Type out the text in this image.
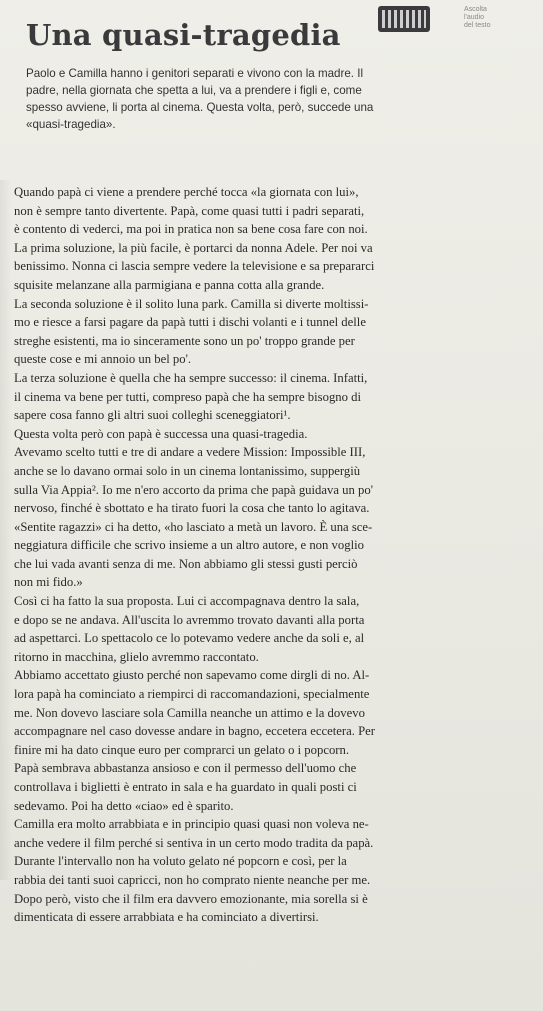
Una quasi-tragedia
Ascolta
l'audio
del testo
Paolo e Camilla hanno i genitori separati e vivono con la madre. Il
padre, nella giornata che spetta a lui, va a prendere i figli e, come
spesso avviene, li porta al cinema. Questa volta, però, succede una
«quasi-tragedia».
Quando papà ci viene a prendere perché tocca «la giornata con lui»,
non è sempre tanto divertente. Papà, come quasi tutti i padri separati,
è contento di vederci, ma poi in pratica non sa bene cosa fare con noi.
La prima soluzione, la più facile, è portarci da nonna Adele. Per noi va
benissimo. Nonna ci lascia sempre vedere la televisione e sa prepararci
squisite melanzane alla parmigiana e panna cotta alla grande.
La seconda soluzione è il solito luna park. Camilla si diverte moltissi-
mo e riesce a farsi pagare da papà tutti i dischi volanti e i tunnel delle
streghe esistenti, ma io sinceramente sono un po' troppo grande per
queste cose e mi annoio un bel po'.
La terza soluzione è quella che ha sempre successo: il cinema. Infatti,
il cinema va bene per tutti, compreso papà che ha sempre bisogno di
sapere cosa fanno gli altri suoi colleghi sceneggiatori¹.
Questa volta però con papà è successa una quasi-tragedia.
Avevamo scelto tutti e tre di andare a vedere Mission: Impossible III,
anche se lo davano ormai solo in un cinema lontanissimo, suppergiù
sulla Via Appia². Io me n'ero accorto da prima che papà guidava un po'
nervoso, finché è sbottato e ha tirato fuori la cosa che tanto lo agitava.
«Sentite ragazzi» ci ha detto, «ho lasciato a metà un lavoro. È una sce-
neggiatura difficile che scrivo insieme a un altro autore, e non voglio
che lui vada avanti senza di me. Non abbiamo gli stessi gusti perciò
non mi fido.»
Così ci ha fatto la sua proposta. Lui ci accompagnava dentro la sala,
e dopo se ne andava. All'uscita lo avremmo trovato davanti alla porta
ad aspettarci. Lo spettacolo ce lo potevamo vedere anche da soli e, al
ritorno in macchina, glielo avremmo raccontato.
Abbiamo accettato giusto perché non sapevamo come dirgli di no. Al-
lora papà ha cominciato a riempirci di raccomandazioni, specialmente
me. Non dovevo lasciare sola Camilla neanche un attimo e la dovevo
accompagnare nel caso dovesse andare in bagno, eccetera eccetera. Per
finire mi ha dato cinque euro per comprarci un gelato o i popcorn.
Papà sembrava abbastanza ansioso e con il permesso dell'uomo che
controllava i biglietti è entrato in sala e ha guardato in quali posti ci
sedevamo. Poi ha detto «ciao» ed è sparito.
Camilla era molto arrabbiata e in principio quasi quasi non voleva ne-
anche vedere il film perché si sentiva in un certo modo tradita da papà.
Durante l'intervallo non ha voluto gelato né popcorn e così, per la
rabbia dei tanti suoi capricci, non ho comprato niente neanche per me.
Dopo però, visto che il film era davvero emozionante, mia sorella si è
dimenticata di essere arrabbiata e ha cominciato a divertirsi.
